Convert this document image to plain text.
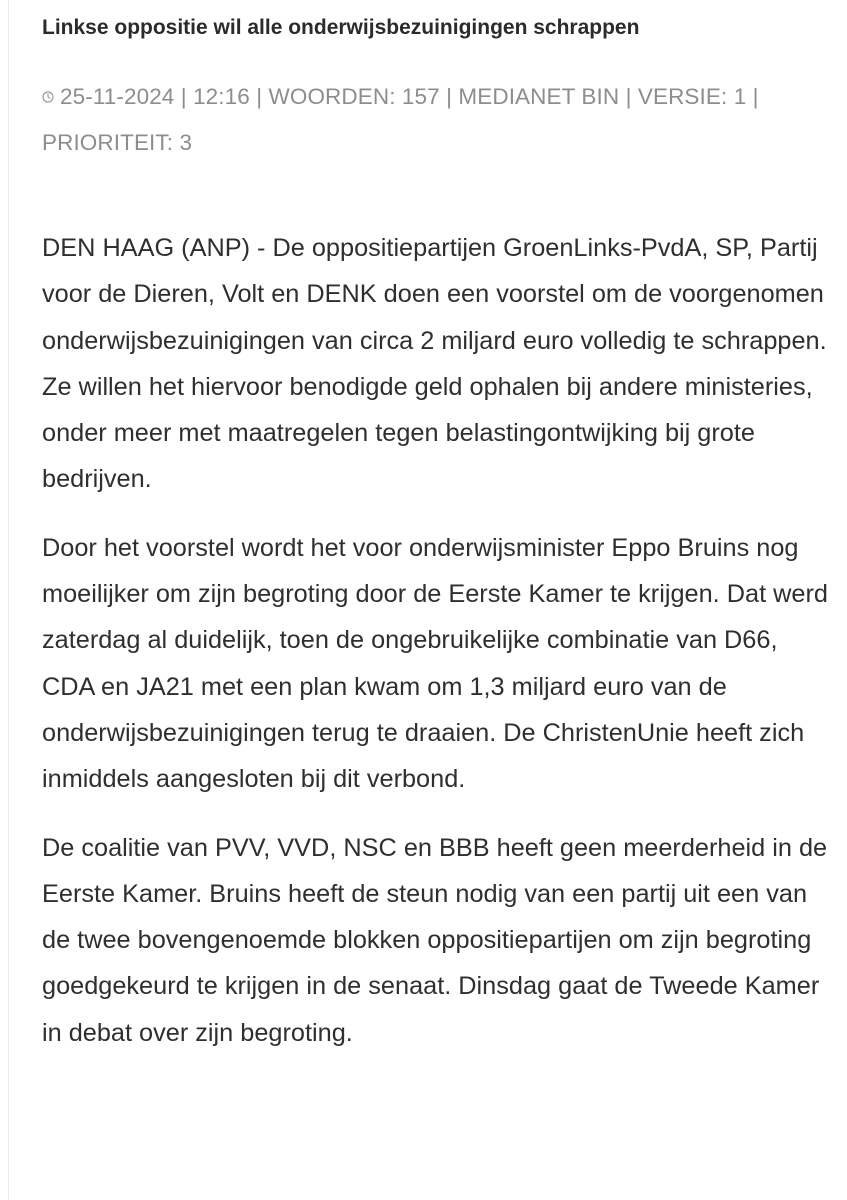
Linkse oppositie wil alle onderwijsbezuinigingen schrappen

25-11-2024 | 12:16 | WOORDEN: 157 | MEDIANET BIN | VERSIE: 1 | PRIORITEIT: 3

DEN HAAG (ANP) - De oppositiepartijen GroenLinks-PvdA, SP, Partij voor de Dieren, Volt en DENK doen een voorstel om de voorgenomen onderwijsbezuinigingen van circa 2 miljard euro volledig te schrappen. Ze willen het hiervoor benodigde geld ophalen bij andere ministeries, onder meer met maatregelen tegen belastingontwijking bij grote bedrijven.

Door het voorstel wordt het voor onderwijsminister Eppo Bruins nog moeilijker om zijn begroting door de Eerste Kamer te krijgen. Dat werd zaterdag al duidelijk, toen de ongebruikelijke combinatie van D66, CDA en JA21 met een plan kwam om 1,3 miljard euro van de onderwijsbezuinigingen terug te draaien. De ChristenUnie heeft zich inmiddels aangesloten bij dit verbond.

De coalitie van PVV, VVD, NSC en BBB heeft geen meerderheid in de Eerste Kamer. Bruins heeft de steun nodig van een partij uit een van de twee bovengenoemde blokken oppositiepartijen om zijn begroting goedgekeurd te krijgen in de senaat. Dinsdag gaat de Tweede Kamer in debat over zijn begroting.
